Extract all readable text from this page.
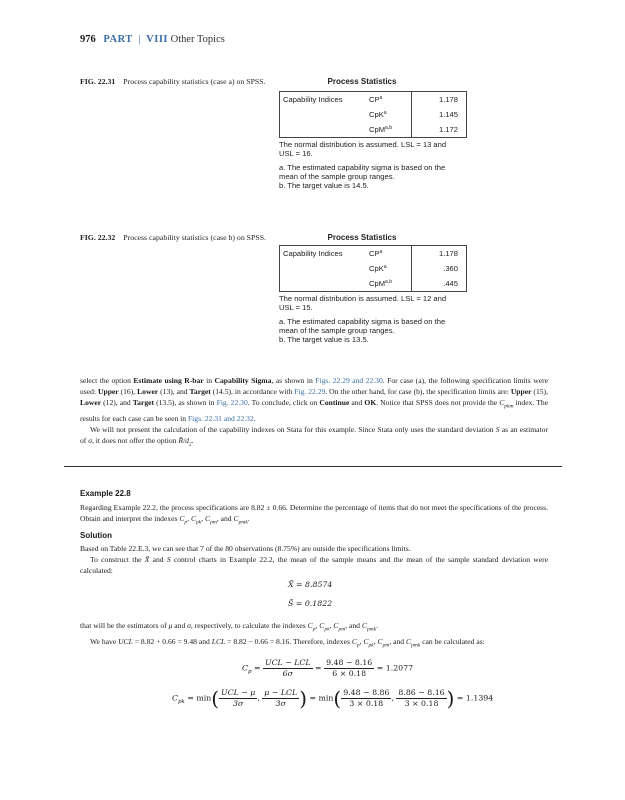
976 PART | VIII Other Topics
FIG. 22.31 Process capability statistics (case a) on SPSS.	Process Statistics
Capability Indices	$CP^a$	1.178
	CpK$^a$	1.145
	CpM$^{a,b}$	1.172

The normal distribution is assumed. LSL = 13 and USL = 16.

a. The estimated capability sigma is based on the mean of the sample group ranges.

b. The target value is 14.5.

FIG. 22.32 Process capability statistics (case b) on SPSS.	Process Statistics
Capability Indices	$CP^a$	1.178
	CpK$^a$	.360
	CpM$^{a,b}$	.445

The normal distribution is assumed. LSL = 12 and USL = 15.

a. The estimated capability sigma is based on the mean of the sample group ranges.

b. The target value is 13.5.

select the option Estimate using R-bar in Capability Sigma, as shown in Figs. 22.29 and 22.30. For case (a), the following specification limits were used: Upper (16), Lower (13), and Target (14.5), in accordance with Fig. 22.29. On the other hand, for case (b), the specification limits are: Upper (15), Lower (12), and Target (13.5), as shown in Fig. 22.30. To conclude, click on Continue and OK. Notice that SPSS does not provide the $C_{pkm}$ index. The results for each case can be seen in Figs. 22.31 and 22.32.

We will not present the calculation of the capability indexes on Stata for this example. Since Stata only uses the standard deviation S as an estimator of σ, it does not offer the option $R̄/d_2$.

Example 22.8

Regarding Example 22.2, the process specifications are 8.82 ± 0.66. Determine the percentage of items that do not meet the specifications of the process. Obtain and interpret the indexes $C_p$, $C_{pk}$, $C_{pm}$, and $C_{pmk}$.

Solution

Based on Table 22.E.3, we can see that 7 of the 80 observations (8.75%) are outside the specifications limits.

To construct the X̄ and S control charts in Example 22.2, the mean of the sample means and the mean of the sample standard deviation were calculated:

X̄ = 8.8574
S̄ = 0.1822

that will be the estimators of μ and σ, respectively, to calculate the indexes $C_p$, $C_{pk}$, $C_{pm}$, and $C_{pmk}$.

We have UCL = 8.82 + 0.66 = 9.48 and LCL = 8.82 − 0.66 = 8.16. Therefore, indexes $C_p$, $C_{pk}$, $C_{pm}$, and $C_{pmk}$ can be calculated as:

$C_p = \frac{\text{UCL − LCL}}{6\sigma} = \frac{9.48 - 8.16}{6 \times 0.18} = 1.2077$
$C_{pk} = \min( \frac{\text{UCL − μ}}{3\sigma}$ , $\frac{\text{μ − LCL}}{3\sigma}$ ) = $\min( \frac{9.48 - 8.86}{3 \times 0.18}$ , $\frac{8.86 - 8.16}{3 \times 0.18}$ ) = 1.1394
